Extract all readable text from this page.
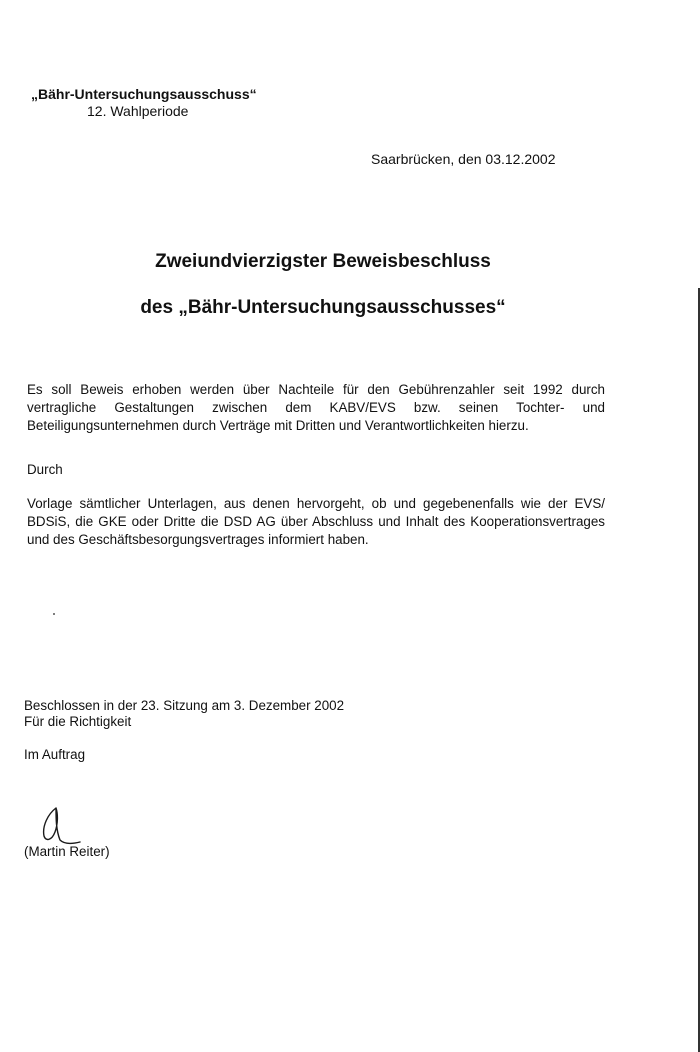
„Bähr-Untersuchungsausschuss“
12. Wahlperiode
Saarbrücken, den 03.12.2002
Zweiundvierzigster Beweisbeschluss
des „Bähr-Untersuchungsausschusses“
Es soll Beweis erhoben werden über Nachteile für den Gebührenzahler seit 1992 durch vertragliche Gestaltungen zwischen dem KABV/EVS bzw. seinen Tochter- und Beteiligungsunternehmen durch Verträge mit Dritten und Verantwortlichkeiten hierzu.
Durch
Vorlage sämtlicher Unterlagen, aus denen hervorgeht, ob und gegebenenfalls wie der EVS/ BDSiS, die GKE oder Dritte die DSD AG über Abschluss und Inhalt des Kooperationsvertrages und des Geschäftsbesorgungsvertrages informiert haben.
Beschlossen in der 23. Sitzung am 3. Dezember 2002
Für die Richtigkeit
Im Auftrag
(Martin Reiter)
